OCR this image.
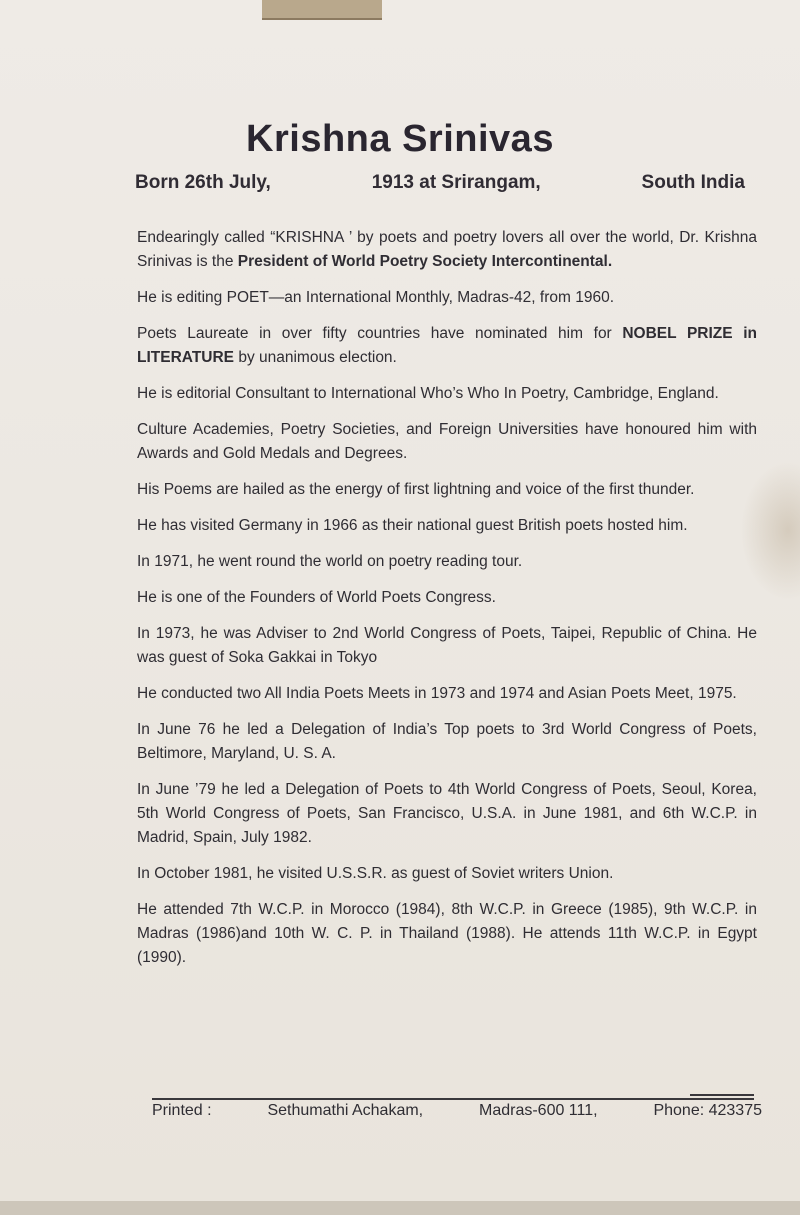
Krishna Srinivas
Born 26th July,	1913 at Srirangam,	South India

Endearingly called “KRISHNA ’ by poets and poetry lovers all over the world, Dr. Krishna Srinivas is the President of World Poetry Society Intercontinental.

He is editing POET—an International Monthly, Madras-42, from 1960.

Poets Laureate in over fifty countries have nominated him for NOBEL PRIZE in LITERATURE by unanimous election.

He is editorial Consultant to International Who’s Who In Poetry, Cambridge, England.

Culture Academies, Poetry Societies, and Foreign Universities have honoured him with Awards and Gold Medals and Degrees.

His Poems are hailed as the energy of first lightning and voice of the first thunder.

He has visited Germany in 1966 as their national guest British poets hosted him.

In 1971, he went round the world on poetry reading tour.

He is one of the Founders of World Poets Congress.

In 1973, he was Adviser to 2nd World Congress of Poets, Taipei, Republic of China. He was guest of Soka Gakkai in Tokyo

He conducted two All India Poets Meets in 1973 and 1974 and Asian Poets Meet, 1975.

In June 76 he led a Delegation of India’s Top poets to 3rd World Congress of Poets, Beltimore, Maryland, U. S. A.

In June ’79 he led a Delegation of Poets to 4th World Congress of Poets, Seoul, Korea, 5th World Congress of Poets, San Francisco, U.S.A. in June 1981, and 6th W.C.P. in Madrid, Spain, July 1982.

In October 1981, he visited U.S.S.R. as guest of Soviet writers Union.

He attended 7th W.C.P. in Morocco (1984), 8th W.C.P. in Greece (1985), 9th W.C.P. in Madras (1986)and 10th W. C. P. in Thailand (1988). He attends 11th W.C.P. in Egypt (1990).

Printed :	Sethumathi Achakam,	Madras-600 111,	Phone: 423375
